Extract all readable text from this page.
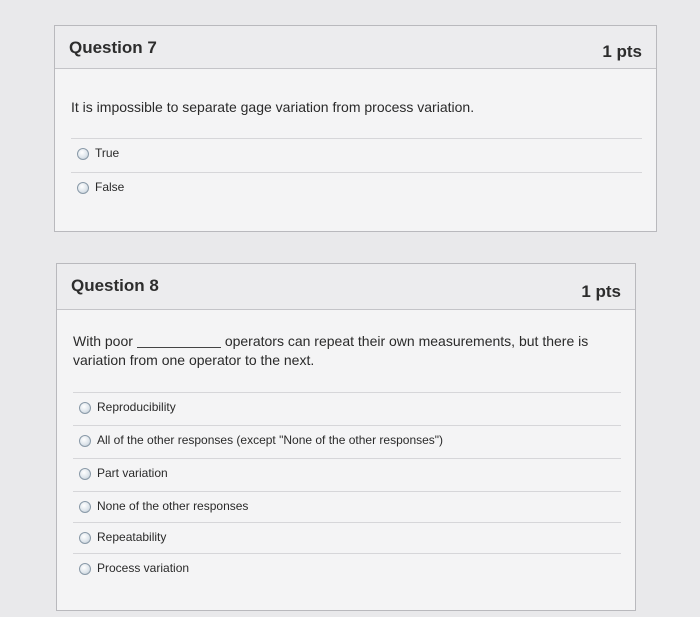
Question 7	1 pts
It is impossible to separate gage variation from process variation.
True
False
Question 8	1 pts
With poor	operators can repeat their own measurements, but there is variation from one operator to the next.
Reproducibility
All of the other responses (except "None of the other responses")
Part variation
None of the other responses
Repeatability
Process variation
